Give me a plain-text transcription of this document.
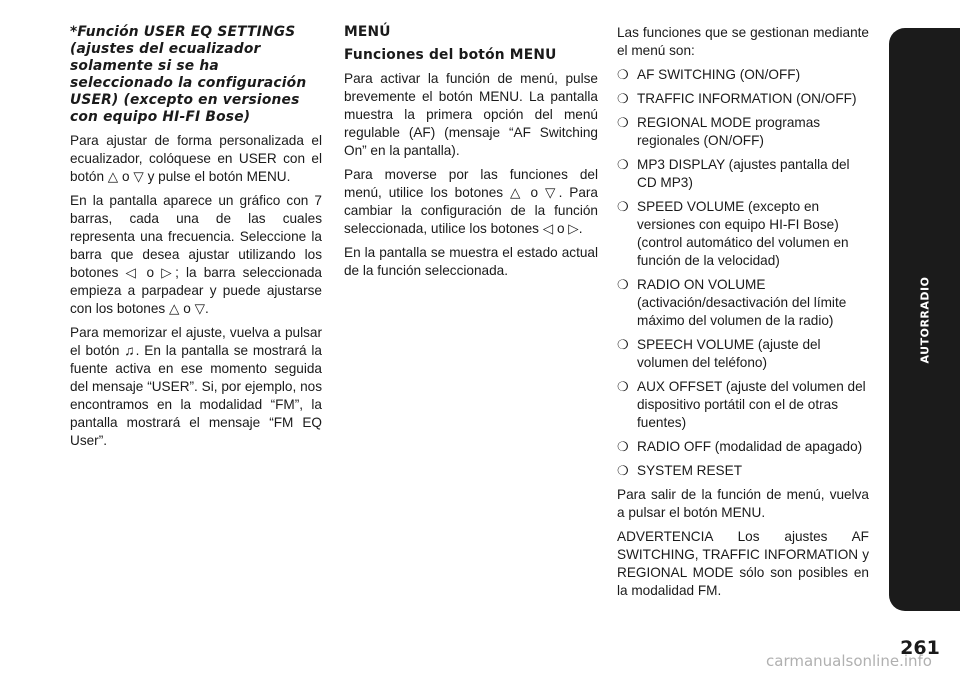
*Función USER EQ SETTINGS (ajustes del ecualizador solamente si se ha seleccionado la configuración USER) (excepto en versiones con equipo HI-FI Bose)

Para ajustar de forma personalizada el ecualizador, colóquese en USER con el botón △ o ▽ y pulse el botón MENU.

En la pantalla aparece un gráfico con 7 barras, cada una de las cuales representa una frecuencia. Seleccione la barra que desea ajustar utilizando los botones ◁ o ▷; la barra seleccionada empieza a parpadear y puede ajustarse con los botones △ o ▽.

Para memorizar el ajuste, vuelva a pulsar el botón ♫. En la pantalla se mostrará la fuente activa en ese momento seguida del mensaje “USER”. Si, por ejemplo, nos encontramos en la modalidad “FM”, la pantalla mostrará el mensaje “FM EQ User”.

MENÚ
Funciones del botón MENU

Para activar la función de menú, pulse brevemente el botón MENU. La pantalla muestra la primera opción del menú regulable (AF) (mensaje “AF Switching On” en la pantalla).

Para moverse por las funciones del menú, utilice los botones △ o ▽. Para cambiar la configuración de la función seleccionada, utilice los botones ◁ o ▷.

En la pantalla se muestra el estado actual de la función seleccionada.

Las funciones que se gestionan mediante el menú son:

❍ AF SWITCHING (ON/OFF)
❍ TRAFFIC INFORMATION (ON/OFF)
❍ REGIONAL MODE programas regionales (ON/OFF)
❍ MP3 DISPLAY (ajustes pantalla del CD MP3)
❍ SPEED VOLUME (excepto en versiones con equipo HI-FI Bose) (control automático del volumen en función de la velocidad)
❍ RADIO ON VOLUME (activación/desactivación del límite máximo del volumen de la radio)
❍ SPEECH VOLUME (ajuste del volumen del teléfono)
❍ AUX OFFSET (ajuste del volumen del dispositivo portátil con el de otras fuentes)
❍ RADIO OFF (modalidad de apagado)
❍ SYSTEM RESET

Para salir de la función de menú, vuelva a pulsar el botón MENU.

ADVERTENCIA Los ajustes AF SWITCHING, TRAFFIC INFORMATION y REGIONAL MODE sólo son posibles en la modalidad FM.

AUTORRADIO
261
carmanualsonline.info
